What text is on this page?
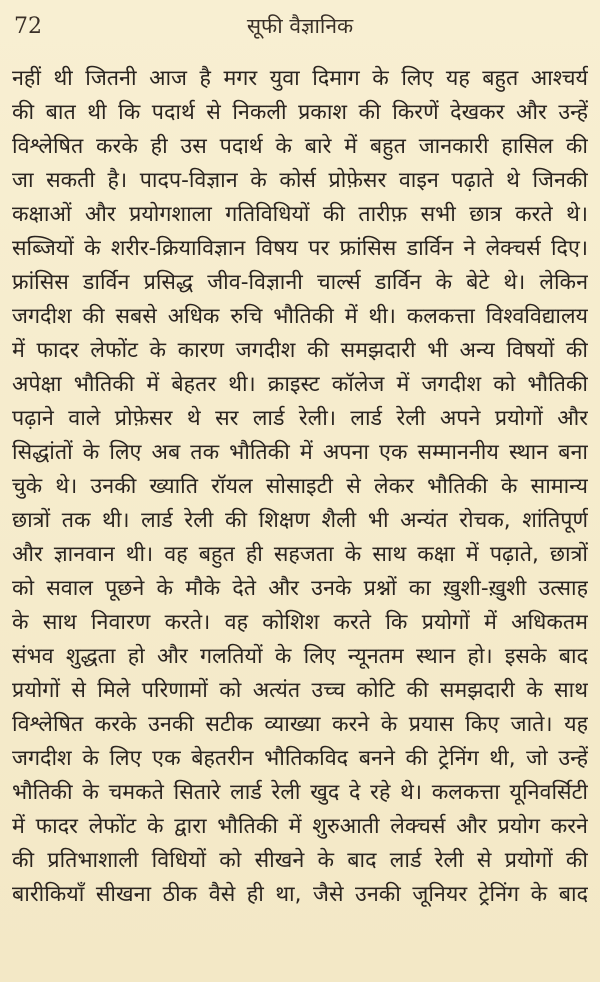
72	सूफी वैज्ञानिक
नहीं थी जितनी आज है मगर युवा दिमाग के लिए यह बहुत आश्चर्य
की बात थी कि पदार्थ से निकली प्रकाश की किरणें देखकर और उन्हें
विश्लेषित करके ही उस पदार्थ के बारे में बहुत जानकारी हासिल की
जा सकती है। पादप-विज्ञान के कोर्स प्रोफ़ेसर वाइन पढ़ाते थे जिनकी
कक्षाओं और प्रयोगशाला गतिविधियों की तारीफ़ सभी छात्र करते थे।
सब्जियों के शरीर-क्रियाविज्ञान विषय पर फ्रांसिस डार्विन ने लेक्चर्स दिए।
फ्रांसिस डार्विन प्रसिद्ध जीव-विज्ञानी चार्ल्स डार्विन के बेटे थे। लेकिन
जगदीश की सबसे अधिक रुचि भौतिकी में थी। कलकत्ता विश्वविद्यालय
में फादर लेफोंट के कारण जगदीश की समझदारी भी अन्य विषयों की
अपेक्षा भौतिकी में बेहतर थी। क्राइस्ट कॉलेज में जगदीश को भौतिकी
पढ़ाने वाले प्रोफ़ेसर थे सर लार्ड रेली। लार्ड रेली अपने प्रयोगों और
सिद्धांतों के लिए अब तक भौतिकी में अपना एक सम्माननीय स्थान बना
चुके थे। उनकी ख्याति रॉयल सोसाइटी से लेकर भौतिकी के सामान्य
छात्रों तक थी। लार्ड रेली की शिक्षण शैली भी अन्यंत रोचक, शांतिपूर्ण
और ज्ञानवान थी। वह बहुत ही सहजता के साथ कक्षा में पढ़ाते, छात्रों
को सवाल पूछने के मौके देते और उनके प्रश्नों का ख़ुशी-ख़ुशी उत्साह
के साथ निवारण करते। वह कोशिश करते कि प्रयोगों में अधिकतम
संभव शुद्धता हो और गलतियों के लिए न्यूनतम स्थान हो। इसके बाद
प्रयोगों से मिले परिणामों को अत्यंत उच्च कोटि की समझदारी के साथ
विश्लेषित करके उनकी सटीक व्याख्या करने के प्रयास किए जाते। यह
जगदीश के लिए एक बेहतरीन भौतिकविद बनने की ट्रेनिंग थी, जो उन्हें
भौतिकी के चमकते सितारे लार्ड रेली खुद दे रहे थे। कलकत्ता यूनिवर्सिटी
में फादर लेफोंट के द्वारा भौतिकी में शुरुआती लेक्चर्स और प्रयोग करने
की प्रतिभाशाली विधियों को सीखने के बाद लार्ड रेली से प्रयोगों की
बारीकियाँ सीखना ठीक वैसे ही था, जैसे उनकी जूनियर ट्रेनिंग के बाद
